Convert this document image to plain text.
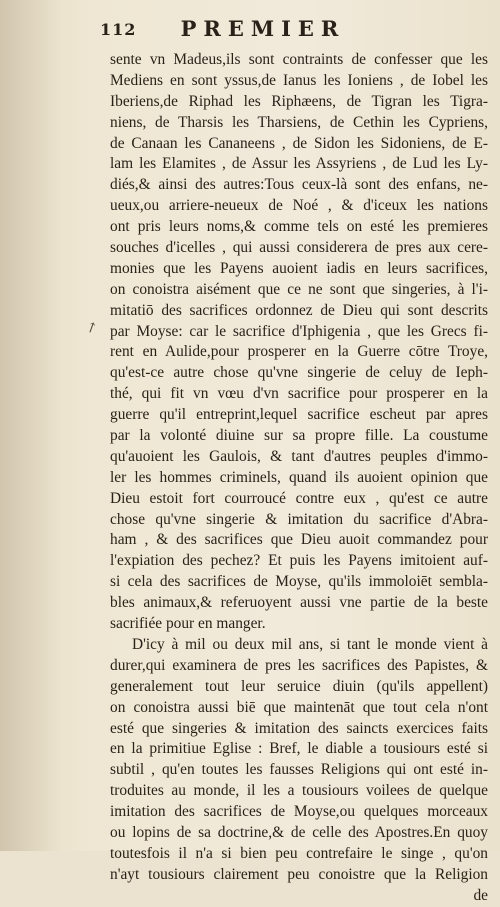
112	PREMIER
↗
sente vn Madeus,ils sont contraints de confesser que les
Mediens en sont yssus,de Ianus les Ioniens , de Iobel les
Iberiens,de Riphad les Riphæens, de Tigran les Tigra-
niens, de Tharsis les Tharsiens, de Cethin les Cypriens,
de Canaan les Cananeens , de Sidon les Sidoniens, de E-
lam les Elamites , de Assur les Assyriens , de Lud les Ly-
diés,& ainsi des autres:Tous ceux-là sont des enfans, ne-
ueux,ou arriere-neueux de Noé , & d'iceux les nations
ont pris leurs noms,& comme tels on esté les premieres
souches d'icelles , qui aussi considerera de pres aux cere-
monies que les Payens auoient iadis en leurs sacrifices,
on conoistra aisément que ce ne sont que singeries, à l'i-
mitatiō des sacrifices ordonnez de Dieu qui sont descrits
par Moyse: car le sacrifice d'Iphigenia , que les Grecs fi-
rent en Aulide,pour prosperer en la Guerre cōtre Troye,
qu'est-ce autre chose qu'vne singerie de celuy de Ieph-
thé, qui fit vn vœu d'vn sacrifice pour prosperer en la
guerre qu'il entreprint,lequel sacrifice escheut par apres
par la volonté diuine sur sa propre fille. La coustume
qu'auoient les Gaulois, & tant d'autres peuples d'immo-
ler les hommes criminels, quand ils auoient opinion que
Dieu estoit fort courroucé contre eux , qu'est ce autre
chose qu'vne singerie & imitation du sacrifice d'Abra-
ham , & des sacrifices que Dieu auoit commandez pour
l'expiation des pechez? Et puis les Payens imitoient auf-
si cela des sacrifices de Moyse, qu'ils immoloiēt sembla-
bles animaux,& referuoyent aussi vne partie de la beste
sacrifiée pour en manger.
D'icy à mil ou deux mil ans, si tant le monde vient à
durer,qui examinera de pres les sacrifices des Papistes, &
generalement tout leur seruice diuin (qu'ils appellent)
on conoistra aussi biē que maintenāt que tout cela n'ont
esté que singeries & imitation des saincts exercices faits
en la primitiue Eglise : Bref, le diable a tousiours esté si
subtil , qu'en toutes les fausses Religions qui ont esté in-
troduites au monde, il les a tousiours voilees de quelque
imitation des sacrifices de Moyse,ou quelques morceaux
ou lopins de sa doctrine,& de celle des Apostres.En quoy
toutesfois il n'a si bien peu contrefaire le singe , qu'on
n'ayt tousiours clairement peu conoistre que la Religion
de
